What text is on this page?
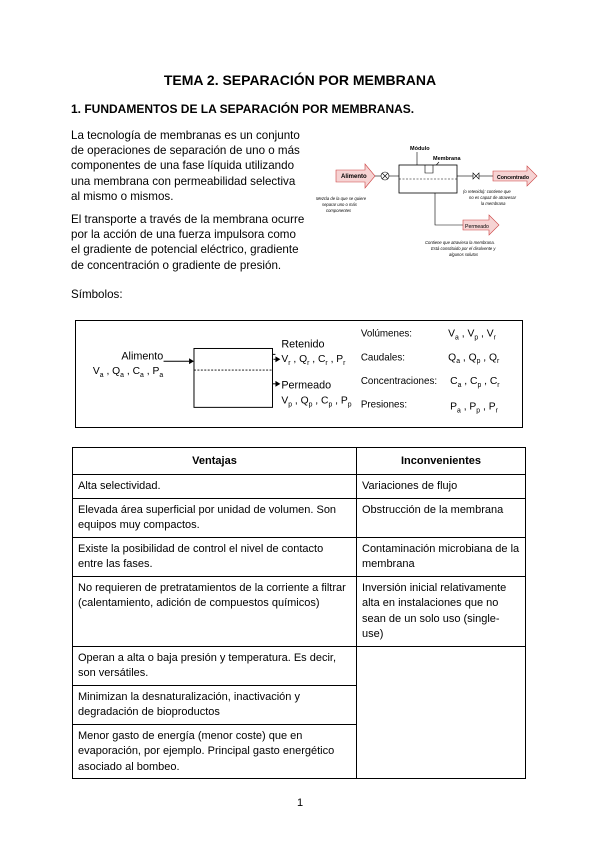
TEMA 2. SEPARACIÓN POR MEMBRANA
1. FUNDAMENTOS DE LA SEPARACIÓN POR MEMBRANAS.
La tecnología de membranas es un conjunto de operaciones de separación de uno o más componentes de una fase líquida utilizando una membrana con permeabilidad selectiva al mismo o mismos.
El transporte a través de la membrana ocurre por la acción de una fuerza impulsora como el gradiente de potencial eléctrico, gradiente de concentración o gradiente de presión.
Símbolos:
Módulo
Membrana
Alimento
Mezcla de la que se quiere
separar uno o más
componentes
Concentrado
(o retenido): contiene que
no es capaz de atravesar
la membrana
Permeado
Contiene que atraviesa la membrana.
Está constituido por el disolvente y
algunos solutos
Alimento
$V_a$ , $Q_a$ , $C_a$ , $P_a$
Retenido
$V_r$ , $Q_r$ , $C_r$ , $P_r$
Permeado
$V_p$ , $Q_p$ , $C_p$ , $P_p$
Volúmenes:	$V_a$ , $V_p$ , $V_r$
Caudales:	$Q_a$ , $Q_p$ , $Q_r$
Concentraciones: $C_a$ , $C_p$ , $C_r$
Presiones:	$P_a$ , $P_p$ , $P_r$
Ventajas	Inconvenientes
Alta selectividad.	Variaciones de flujo
Elevada área superficial por unidad de volumen. Son equipos muy compactos.	Obstrucción de la membrana
Existe la posibilidad de control el nivel de contacto entre las fases.	Contaminación microbiana de la membrana
No requieren de pretratamientos de la corriente a filtrar (calentamiento, adición de compuestos químicos)	Inversión inicial relativamente alta en instalaciones que no sean de un solo uso (single-use)
Operan a alta o baja presión y temperatura. Es decir, son versátiles.	
Minimizan la desnaturalización, inactivación y degradación de bioproductos	
Menor gasto de energía (menor coste) que en evaporación, por ejemplo. Principal gasto energético asociado al bombeo.	
1
